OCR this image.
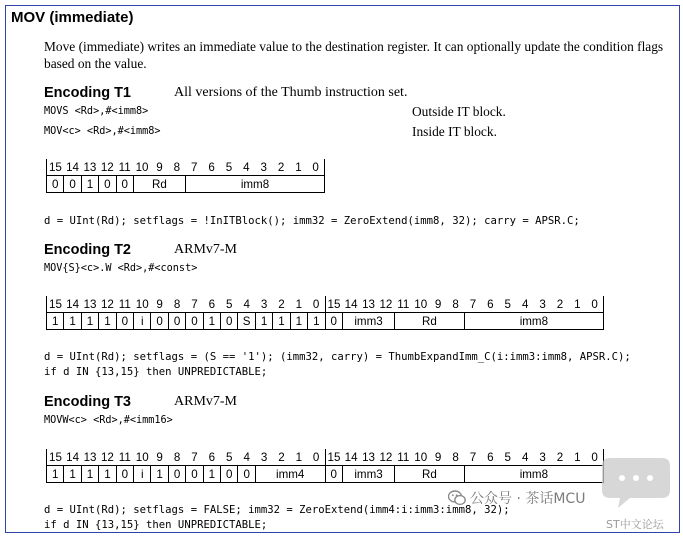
MOV (immediate)
Move (immediate) writes an immediate value to the destination register. It can optionally update the condition flags based on the value.
Encoding T1	All versions of the Thumb instruction set.
MOVS <Rd>,#<imm8>	Outside IT block.
MOV<c> <Rd>,#<imm8>	Inside IT block.
15	14	13	12	11	10	9	8	7	6	5	4	3	2	1	0
0	0	1	0	0	Rd			imm8							
d = UInt(Rd); setflags = !InITBlock(); imm32 = ZeroExtend(imm8, 32); carry = APSR.C;
Encoding T2	ARMv7-M
MOV{S}<c>.W <Rd>,#<const>
15	14	13	12	11	10	9	8	7	6	5	4	3	2	1	0	15	14	13	12	11	10	9	8	7	6	5	4	3	2	1	0
1	1	1	1	0	i	0	0	0	1	0	S	1	1	1	1	0	imm3			Rd				imm8							
d = UInt(Rd); setflags = (S == '1'); (imm32, carry) = ThumbExpandImm_C(i:imm3:imm8, APSR.C);
if d IN {13,15} then UNPREDICTABLE;
Encoding T3	ARMv7-M
MOVW<c> <Rd>,#<imm16>
15	14	13	12	11	10	9	8	7	6	5	4	3	2	1	0	15	14	13	12	11	10	9	8	7	6	5	4	3	2	1	0
1	1	1	1	0	i	1	0	0	1	0	0	imm4				0	imm3			Rd				imm8							
d = UInt(Rd); setflags = FALSE; imm32 = ZeroExtend(imm4:i:imm3:imm8, 32);
if d IN {13,15} then UNPREDICTABLE;
公众号 · 茶话MCU
ST中文论坛
